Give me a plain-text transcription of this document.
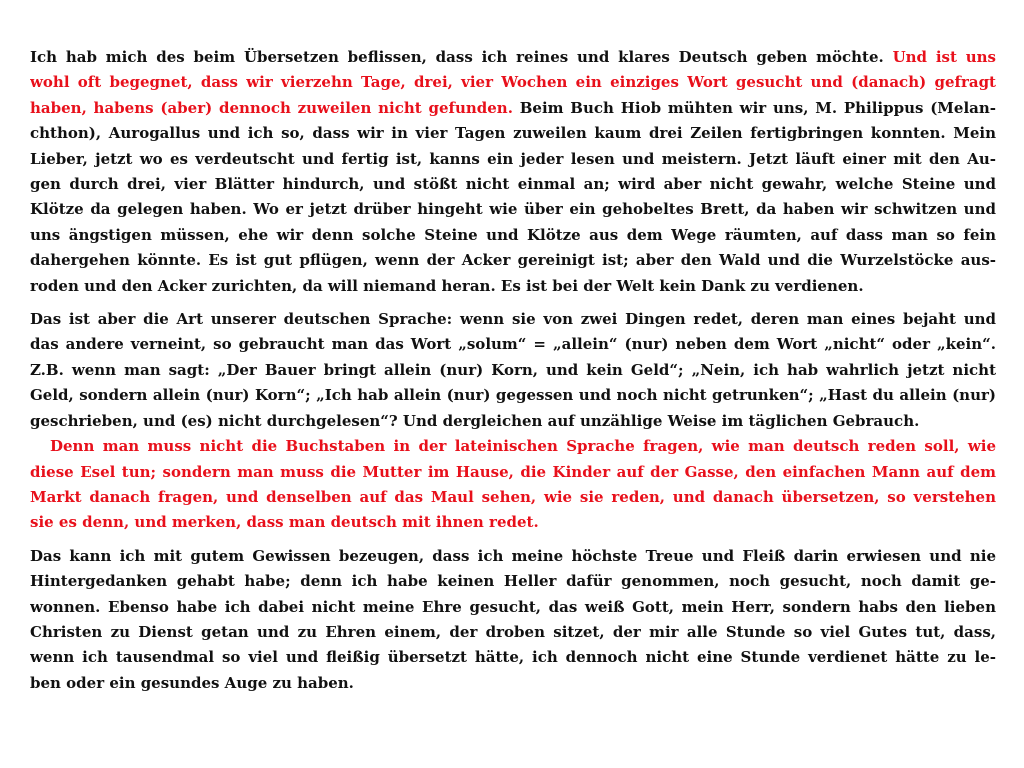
Ich hab mich des beim Übersetzen beflissen, dass ich reines und klares Deutsch geben möchte. Und ist uns
wohl oft begegnet, dass wir vierzehn Tage, drei, vier Wochen ein einziges Wort gesucht und (danach) gefragt
haben, habens (aber) dennoch zuweilen nicht gefunden. Beim Buch Hiob mühten wir uns, M. Philippus (Melan-
chthon), Aurogallus und ich so, dass wir in vier Tagen zuweilen kaum drei Zeilen fertigbringen konnten. Mein
Lieber, jetzt wo es verdeutscht und fertig ist, kanns ein jeder lesen und meistern. Jetzt läuft einer mit den Au-
gen durch drei, vier Blätter hindurch, und stößt nicht einmal an; wird aber nicht gewahr, welche Steine und
Klötze da gelegen haben. Wo er jetzt drüber hingeht wie über ein gehobeltes Brett, da haben wir schwitzen und
uns ängstigen müssen, ehe wir denn solche Steine und Klötze aus dem Wege räumten, auf dass man so fein
dahergehen könnte. Es ist gut pflügen, wenn der Acker gereinigt ist; aber den Wald und die Wurzelstöcke aus-
roden und den Acker zurichten, da will niemand heran. Es ist bei der Welt kein Dank zu verdienen.
Das ist aber die Art unserer deutschen Sprache: wenn sie von zwei Dingen redet, deren man eines bejaht und
das andere verneint, so gebraucht man das Wort „solum“ = „allein“ (nur) neben dem Wort „nicht“ oder „kein“.
Z.B. wenn man sagt: „Der Bauer bringt allein (nur) Korn, und kein Geld“; „Nein, ich hab wahrlich jetzt nicht
Geld, sondern allein (nur) Korn“; „Ich hab allein (nur) gegessen und noch nicht getrunken“; „Hast du allein (nur)
geschrieben, und (es) nicht durchgelesen“? Und dergleichen auf unzählige Weise im täglichen Gebrauch.
Denn man muss nicht die Buchstaben in der lateinischen Sprache fragen, wie man deutsch reden soll, wie
diese Esel tun; sondern man muss die Mutter im Hause, die Kinder auf der Gasse, den einfachen Mann auf dem
Markt danach fragen, und denselben auf das Maul sehen, wie sie reden, und danach übersetzen, so verstehen
sie es denn, und merken, dass man deutsch mit ihnen redet.
Das kann ich mit gutem Gewissen bezeugen, dass ich meine höchste Treue und Fleiß darin erwiesen und nie
Hintergedanken gehabt habe; denn ich habe keinen Heller dafür genommen, noch gesucht, noch damit ge-
wonnen. Ebenso habe ich dabei nicht meine Ehre gesucht, das weiß Gott, mein Herr, sondern habs den lieben
Christen zu Dienst getan und zu Ehren einem, der droben sitzet, der mir alle Stunde so viel Gutes tut, dass,
wenn ich tausendmal so viel und fleißig übersetzt hätte, ich dennoch nicht eine Stunde verdienet hätte zu le-
ben oder ein gesundes Auge zu haben.
